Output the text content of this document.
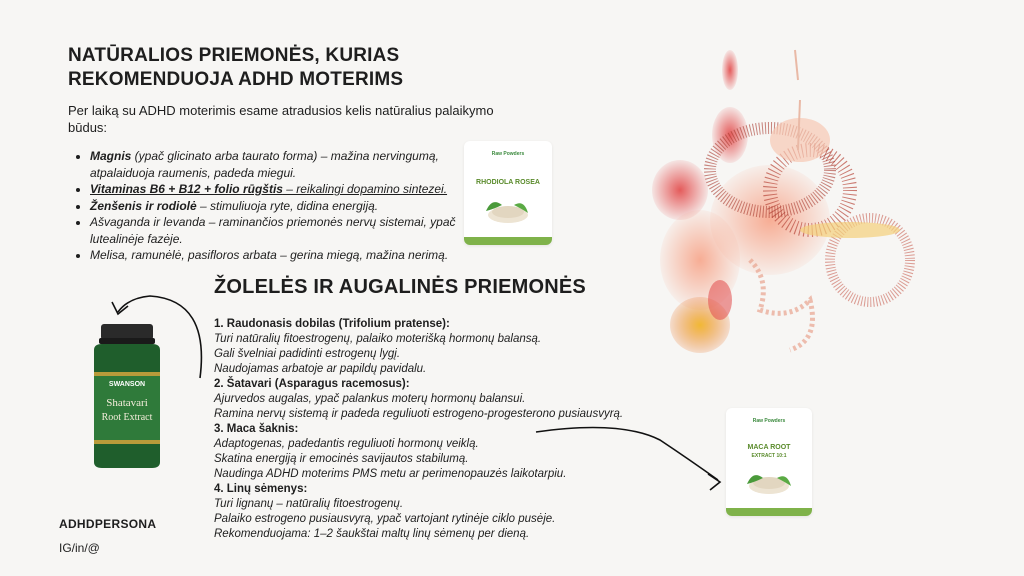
NATŪRALIOS PRIEMONĖS, KURIAS REKOMENDUOJA ADHD MOTERIMS
Per laiką su ADHD moterimis esame atradusios kelis natūralius palaikymo būdus:
• Magnis (ypač glicinato arba taurato forma) – mažina nervingumą, atpalaiduoja raumenis, padeda miegui.
• Vitaminas B6 + B12 + folio rūgštis – reikalingi dopamino sintezei.
• Ženšenis ir rodiolė – stimuliuoja ryte, didina energiją.
• Ašvaganda ir levanda – raminančios priemonės nervų sistemai, ypač lutealinėje fazėje.
• Melisa, ramunėlė, pasifloros arbata – gerina miegą, mažina nerimą.
ŽOLELĖS IR AUGALINĖS PRIEMONĖS
1. Raudonasis dobilas (Trifolium pratense):
Turi natūralių fitoestrogenų, palaiko moterišką hormonų balansą.
Gali švelniai padidinti estrogenų lygį.
Naudojamas arbatoje ar papildų pavidalu.
2. Šatavari (Asparagus racemosus):
Ajurvedos augalas, ypač palankus moterų hormonų balansui.
Ramina nervų sistemą ir padeda reguliuoti estrogeno-progesterono pusiausvyrą.
3. Maca šaknis:
Adaptogenas, padedantis reguliuoti hormonų veiklą.
Skatina energiją ir emocinės savijautos stabilumą.
Naudinga ADHD moterims PMS metu ar perimenopauzės laikotarpiu.
4. Linų sėmenys:
Turi lignanų – natūralių fitoestrogenų.
Palaiko estrogeno pusiausvyrą, ypač vartojant rytinėje ciklo pusėje.
Rekomenduojama: 1–2 šaukštai maltų linų sėmenų per dieną.
ADHDPERSONA
IG/in/@
Raw Powders
RHODIOLA ROSEA
Raw Powders
MACA ROOT
EXTRACT 10:1
SWANSON
Shatavari
Root Extract
